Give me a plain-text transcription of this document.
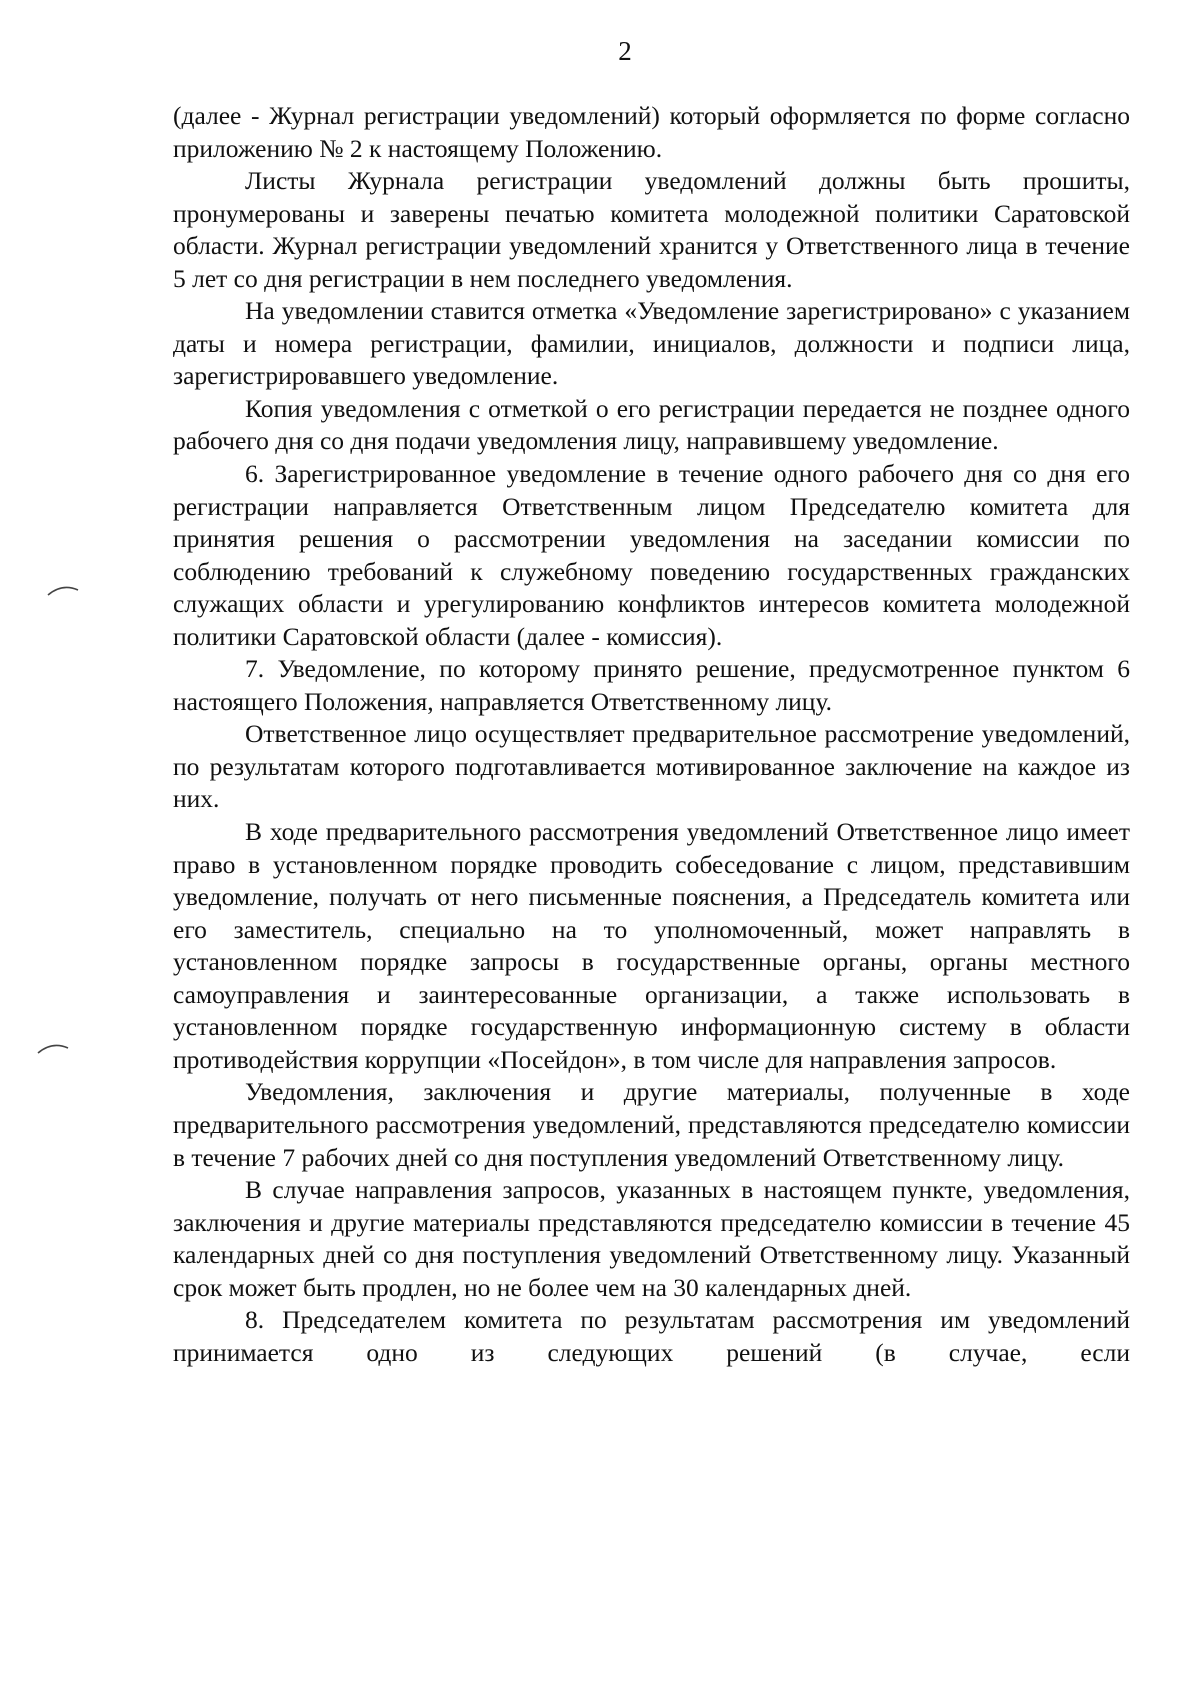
2

(далее - Журнал регистрации уведомлений) который оформляется по форме согласно приложению № 2 к настоящему Положению.

Листы Журнала регистрации уведомлений должны быть прошиты, пронумерованы и заверены печатью комитета молодежной политики Саратовской области. Журнал регистрации уведомлений хранится у Ответственного лица в течение 5 лет со дня регистрации в нем последнего уведомления.

На уведомлении ставится отметка «Уведомление зарегистрировано» с указанием даты и номера регистрации, фамилии, инициалов, должности и подписи лица, зарегистрировавшего уведомление.

Копия уведомления с отметкой о его регистрации передается не позднее одного рабочего дня со дня подачи уведомления лицу, направившему уведомление.

6. Зарегистрированное уведомление в течение одного рабочего дня со дня его регистрации направляется Ответственным лицом Председателю комитета для принятия решения о рассмотрении уведомления на заседании комиссии по соблюдению требований к служебному поведению государственных гражданских служащих области и урегулированию конфликтов интересов комитета молодежной политики Саратовской области (далее - комиссия).

7. Уведомление, по которому принято решение, предусмотренное пунктом 6 настоящего Положения, направляется Ответственному лицу.

Ответственное лицо осуществляет предварительное рассмотрение уведомлений, по результатам которого подготавливается мотивированное заключение на каждое из них.

В ходе предварительного рассмотрения уведомлений Ответственное лицо имеет право в установленном порядке проводить собеседование с лицом, представившим уведомление, получать от него письменные пояснения, а Председатель комитета или его заместитель, специально на то уполномоченный, может направлять в установленном порядке запросы в государственные органы, органы местного самоуправления и заинтересованные организации, а также использовать в установленном порядке государственную информационную систему в области противодействия коррупции «Посейдон», в том числе для направления запросов.

Уведомления, заключения и другие материалы, полученные в ходе предварительного рассмотрения уведомлений, представляются председателю комиссии в течение 7 рабочих дней со дня поступления уведомлений Ответственному лицу.

В случае направления запросов, указанных в настоящем пункте, уведомления, заключения и другие материалы представляются председателю комиссии в течение 45 календарных дней со дня поступления уведомлений Ответственному лицу. Указанный срок может быть продлен, но не более чем на 30 календарных дней.

8. Председателем комитета по результатам рассмотрения им уведомлений принимается одно из следующих решений (в случае, если
